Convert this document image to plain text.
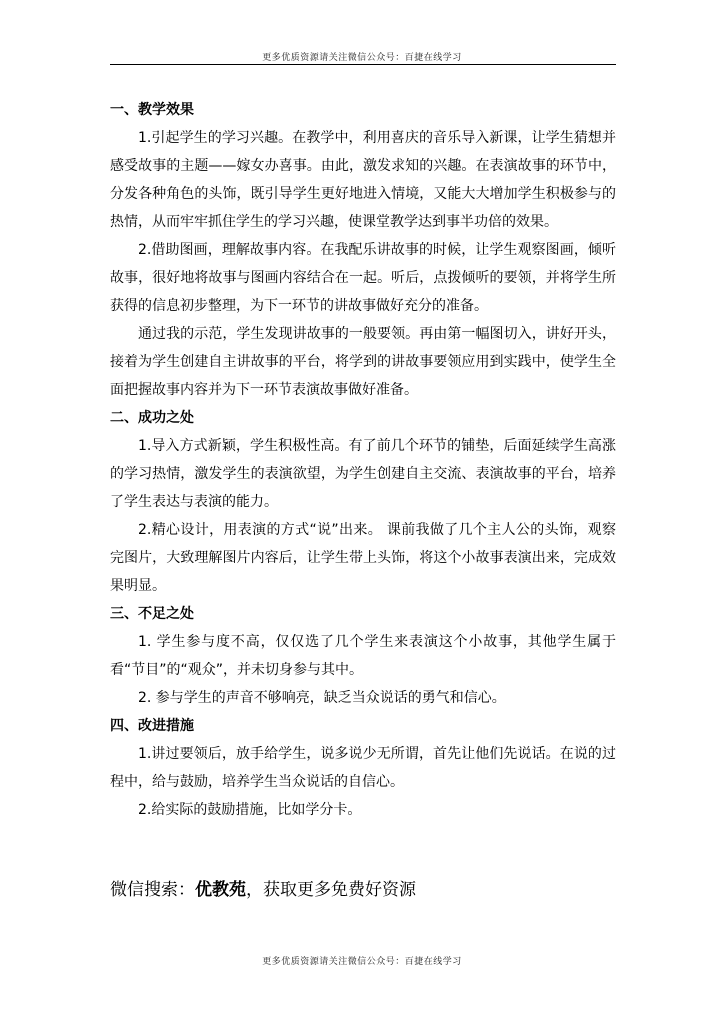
更多优质资源请关注微信公众号：百捷在线学习

一、教学效果

1.引起学生的学习兴趣。在教学中，利用喜庆的音乐导入新课，让学生猜想并感受故事的主题——嫁女办喜事。由此，激发求知的兴趣。在表演故事的环节中，分发各种角色的头饰，既引导学生更好地进入情境，又能大大增加学生积极参与的热情，从而牢牢抓住学生的学习兴趣，使课堂教学达到事半功倍的效果。

2.借助图画，理解故事内容。在我配乐讲故事的时候，让学生观察图画，倾听故事，很好地将故事与图画内容结合在一起。听后，点拨倾听的要领，并将学生所获得的信息初步整理，为下一环节的讲故事做好充分的准备。

通过我的示范，学生发现讲故事的一般要领。再由第一幅图切入，讲好开头，接着为学生创建自主讲故事的平台，将学到的讲故事要领应用到实践中，使学生全面把握故事内容并为下一环节表演故事做好准备。

二、成功之处

1.导入方式新颖，学生积极性高。有了前几个环节的铺垫，后面延续学生高涨的学习热情，激发学生的表演欲望，为学生创建自主交流、表演故事的平台，培养了学生表达与表演的能力。

2.精心设计，用表演的方式“说”出来。 课前我做了几个主人公的头饰，观察完图片，大致理解图片内容后，让学生带上头饰，将这个小故事表演出来，完成效果明显。

三、不足之处

1. 学生参与度不高，仅仅选了几个学生来表演这个小故事，其他学生属于看“节目”的“观众”，并未切身参与其中。

2. 参与学生的声音不够响亮，缺乏当众说话的勇气和信心。

四、改进措施

1.讲过要领后，放手给学生，说多说少无所谓，首先让他们先说话。在说的过程中，给与鼓励，培养学生当众说话的自信心。

2.给实际的鼓励措施，比如学分卡。

微信搜索：优教苑，获取更多免费好资源
更多优质资源请关注微信公众号：百捷在线学习
